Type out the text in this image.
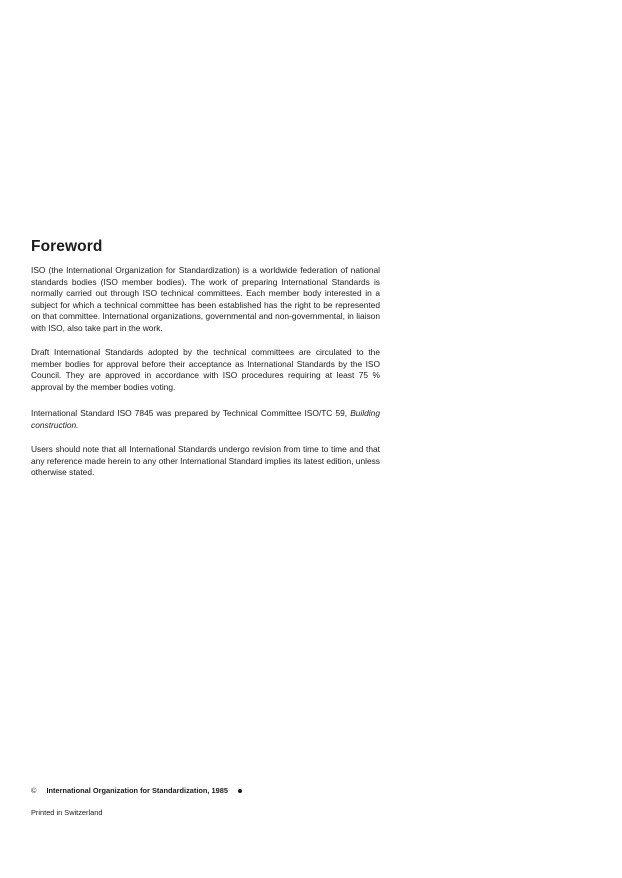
Foreword

ISO (the International Organization for Standardization) is a worldwide federation of national standards bodies (ISO member bodies). The work of preparing International Standards is normally carried out through ISO technical committees. Each member body interested in a subject for which a technical committee has been established has the right to be represented on that committee. International organizations, governmental and non-governmental, in liaison with ISO, also take part in the work.

Draft International Standards adopted by the technical committees are circulated to the member bodies for approval before their acceptance as International Standards by the ISO Council. They are approved in accordance with ISO procedures requiring at least 75 % approval by the member bodies voting.

International Standard ISO 7845 was prepared by Technical Committee ISO/TC 59, Building construction.

Users should note that all International Standards undergo revision from time to time and that any reference made herein to any other International Standard implies its latest edition, unless otherwise stated.

© International Organization for Standardization, 1985
Printed in Switzerland
